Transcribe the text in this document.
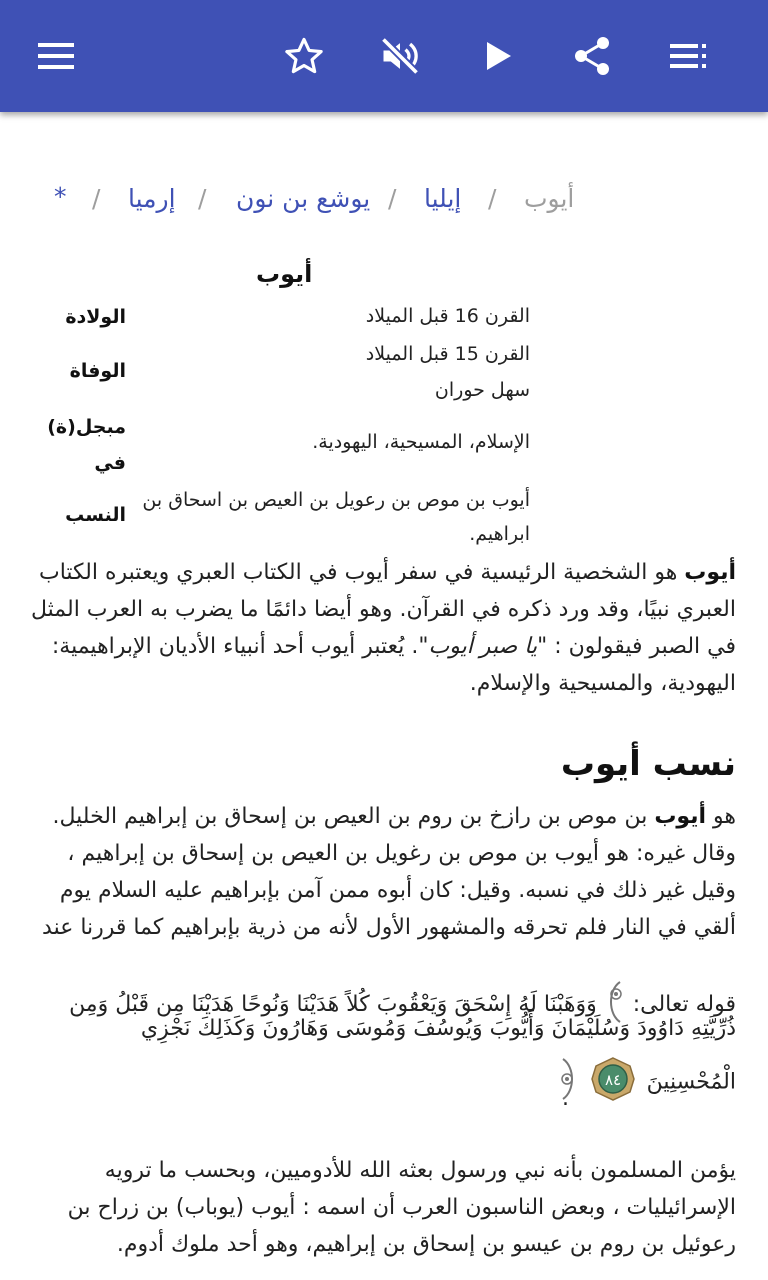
* / إرميا / يوشع بن نون / إيليا / أيوب
أيوب
الولادة	القرن 16 قبل الميلاد
الوفاة
القرن 15 قبل الميلاد
سهل حوران
مبجل(ة)
في
الإسلام، المسيحية، اليهودية.
النسب
أيوب بن موص بن رعويل بن العيص بن اسحاق بن
ابراهيم.
أيوب هو الشخصية الرئيسية في سفر أيوب في الكتاب العبري ويعتبره الكتاب العبري نبيًا، وقد ورد ذكره في القرآن. وهو أيضا دائمًا ما يضرب به العرب المثل في الصبر فيقولون : "يا صبر أيوب". يُعتبر أيوب أحد أنبياء الأديان الإبراهيمية: اليهودية، والمسيحية والإسلام.
نسب أيوب
هو أيوب بن موص بن رازخ بن روم بن العيص بن إسحاق بن إبراهيم الخليل. وقال غيره: هو أيوب بن موص بن رغويل بن العيص بن إسحاق بن إبراهيم ، وقيل غير ذلك في نسبه. وقيل: كان أبوه ممن آمن بإبراهيم عليه السلام يوم ألقي في النار فلم تحرقه والمشهور الأول لأنه من ذرية بإبراهيم كما قررنا عند
قوله تعالى:  وَوَهَبْنَا لَهُ إِسْحَقَ وَيَعْقُوبَ كُلاً هَدَيْنَا وَنُوحًا هَدَيْنَا مِن قَبْلُ وَمِن
ذُرِّيَّتِهِ دَاوُودَ وَسُلَيْمَانَ وَأَيُّوبَ وَيُوسُفَ وَمُوسَى وَهَارُونَ وَكَذَلِكَ نَجْزِي
الْمُحْسِنِينَ
٨٤

.
يؤمن المسلمون بأنه نبي ورسول بعثه الله للأدوميين، وبحسب ما ترويه الإسرائيليات ، وبعض الناسبون العرب أن اسمه : أيوب (يوباب) بن زراح بن رعوئيل بن روم بن عيسو بن إسحاق بن إبراهيم، وهو أحد ملوك أدوم.
